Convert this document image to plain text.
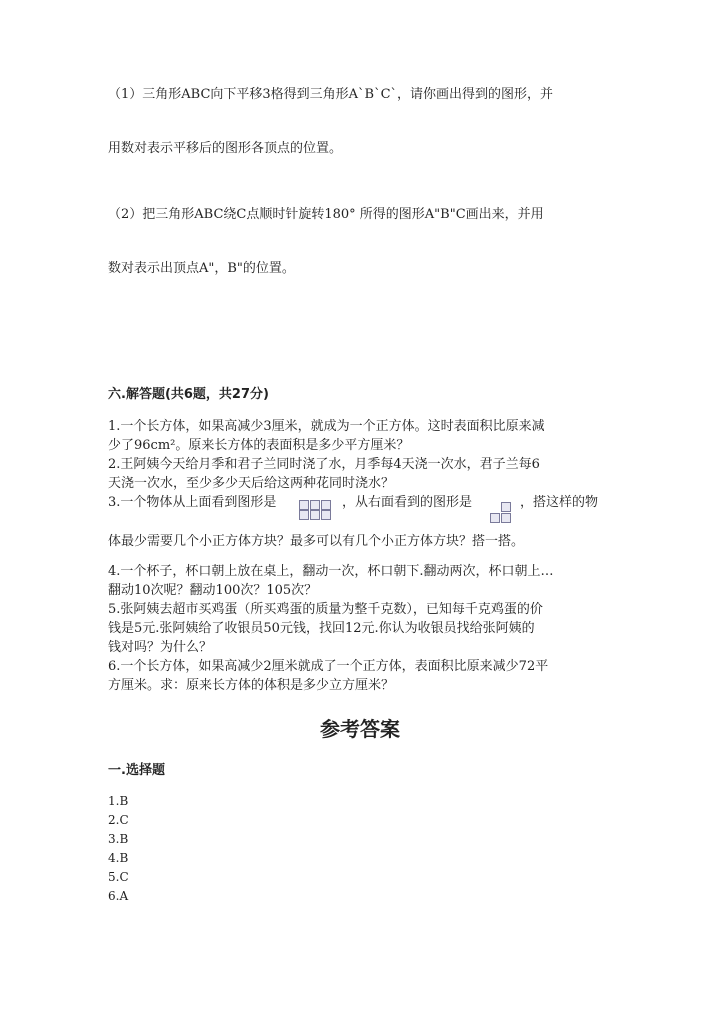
（1）三角形ABC向下平移3格得到三角形A`B`C`，请你画出得到的图形，并
用数对表示平移后的图形各顶点的位置。
（2）把三角形ABC绕C点顺时针旋转180° 所得的图形A"B"C画出来，并用
数对表示出顶点A"，B"的位置。
六.解答题(共6题，共27分)
1.一个长方体，如果高减少3厘米，就成为一个正方体。这时表面积比原来减
少了96cm²。原来长方体的表面积是多少平方厘米？
2.王阿姨今天给月季和君子兰同时浇了水，月季每4天浇一次水，君子兰每6
天浇一次水，至少多少天后给这两种花同时浇水？
3.一个物体从上面看到图形是	，从右面看到的图形是	，搭这样的物
体最少需要几个小正方体方块？最多可以有几个小正方体方块？搭一搭。
4.一个杯子，杯口朝上放在桌上，翻动一次，杯口朝下.翻动两次，杯口朝上…
翻动10次呢？翻动100次？105次？
5.张阿姨去超市买鸡蛋（所买鸡蛋的质量为整千克数），已知每千克鸡蛋的价
钱是5元.张阿姨给了收银员50元钱，找回12元.你认为收银员找给张阿姨的
钱对吗？为什么？
6.一个长方体，如果高减少2厘米就成了一个正方体，表面积比原来减少72平
方厘米。求：原来长方体的体积是多少立方厘米？
参考答案
一.选择题
1.B
2.C
3.B
4.B
5.C
6.A
